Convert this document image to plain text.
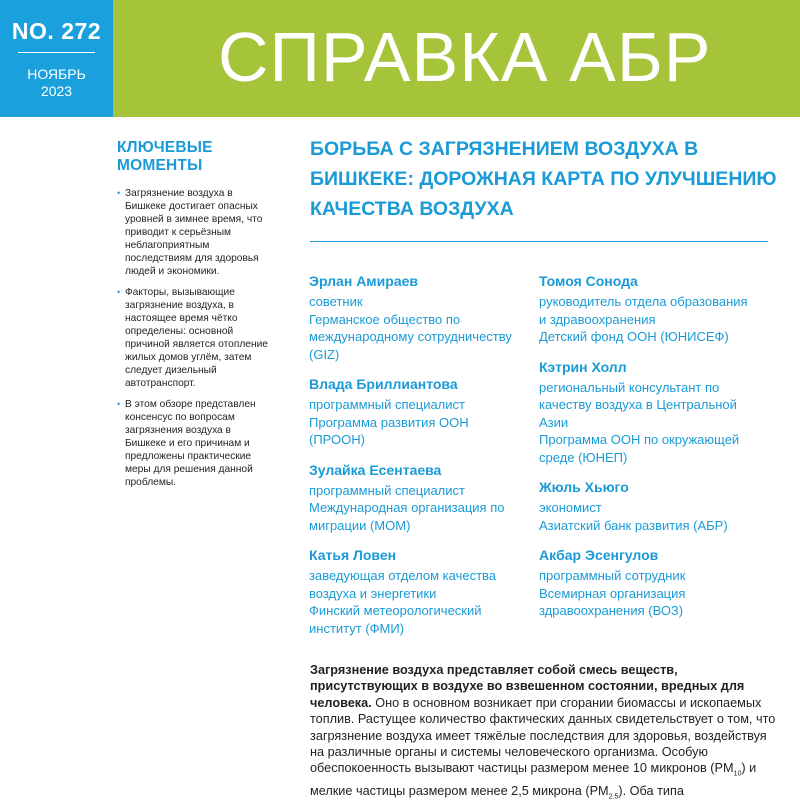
NO. 272
НОЯБРЬ
2023	СПРАВКА АБР
КЛЮЧЕВЫЕ МОМЕНТЫ
• Загрязнение воздуха в Бишкеке достигает опасных уровней в зимнее время, что приводит к серьёзным неблагоприятным последствиям для здоровья людей и экономики.
• Факторы, вызывающие загрязнение воздуха, в настоящее время чётко определены: основной причиной является отопление жилых домов углём, затем следует дизельный автотранспорт.
• В этом обзоре представлен консенсус по вопросам загрязнения воздуха в Бишкеке и его причинам и предложены практические меры для решения данной проблемы.
БОРЬБА С ЗАГРЯЗНЕНИЕМ ВОЗДУХА В БИШКЕКЕ: ДОРОЖНАЯ КАРТА ПО УЛУЧШЕНИЮ КАЧЕСТВА ВОЗДУХА
Эрлан Амираев
советник
Германское общество по
международному сотрудничеству
(GIZ)
Влада Бриллиантова
программный специалист
Программа развития ООН
(ПРООН)
Зулайка Есентаева
программный специалист
Международная организация по
миграции (МОМ)
Катья Ловен
заведующая отделом качества
воздуха и энергетики
Финский метеорологический
институт (ФМИ)
Томоя Сонода
руководитель отдела образования
и здравоохранения
Детский фонд ООН (ЮНИСЕФ)
Кэтрин Холл
региональный консультант по
качеству воздуха в Центральной Азии
Программа ООН по окружающей
среде (ЮНЕП)
Жюль Хьюго
экономист
Азиатский банк развития (АБР)
Акбар Эсенгулов
программный сотрудник
Всемирная организация
здравоохранения (ВОЗ)

Загрязнение воздуха представляет собой смесь веществ, присутствующих в воздухе во взвешенном состоянии, вредных для человека. Оно в основном возникает при сгорании биомассы и ископаемых топлив. Растущее количество фактических данных свидетельствует о том, что загрязнение воздуха имеет тяжёлые последствия для здоровья, воздействуя на различные органы и системы человеческого организма. Особую обеспокоенность вызывают частицы размером менее 10 микронов $(PM_{10})$ и мелкие частицы размером менее 2,5 микрона $(PM_{2.5})$. Оба типа
